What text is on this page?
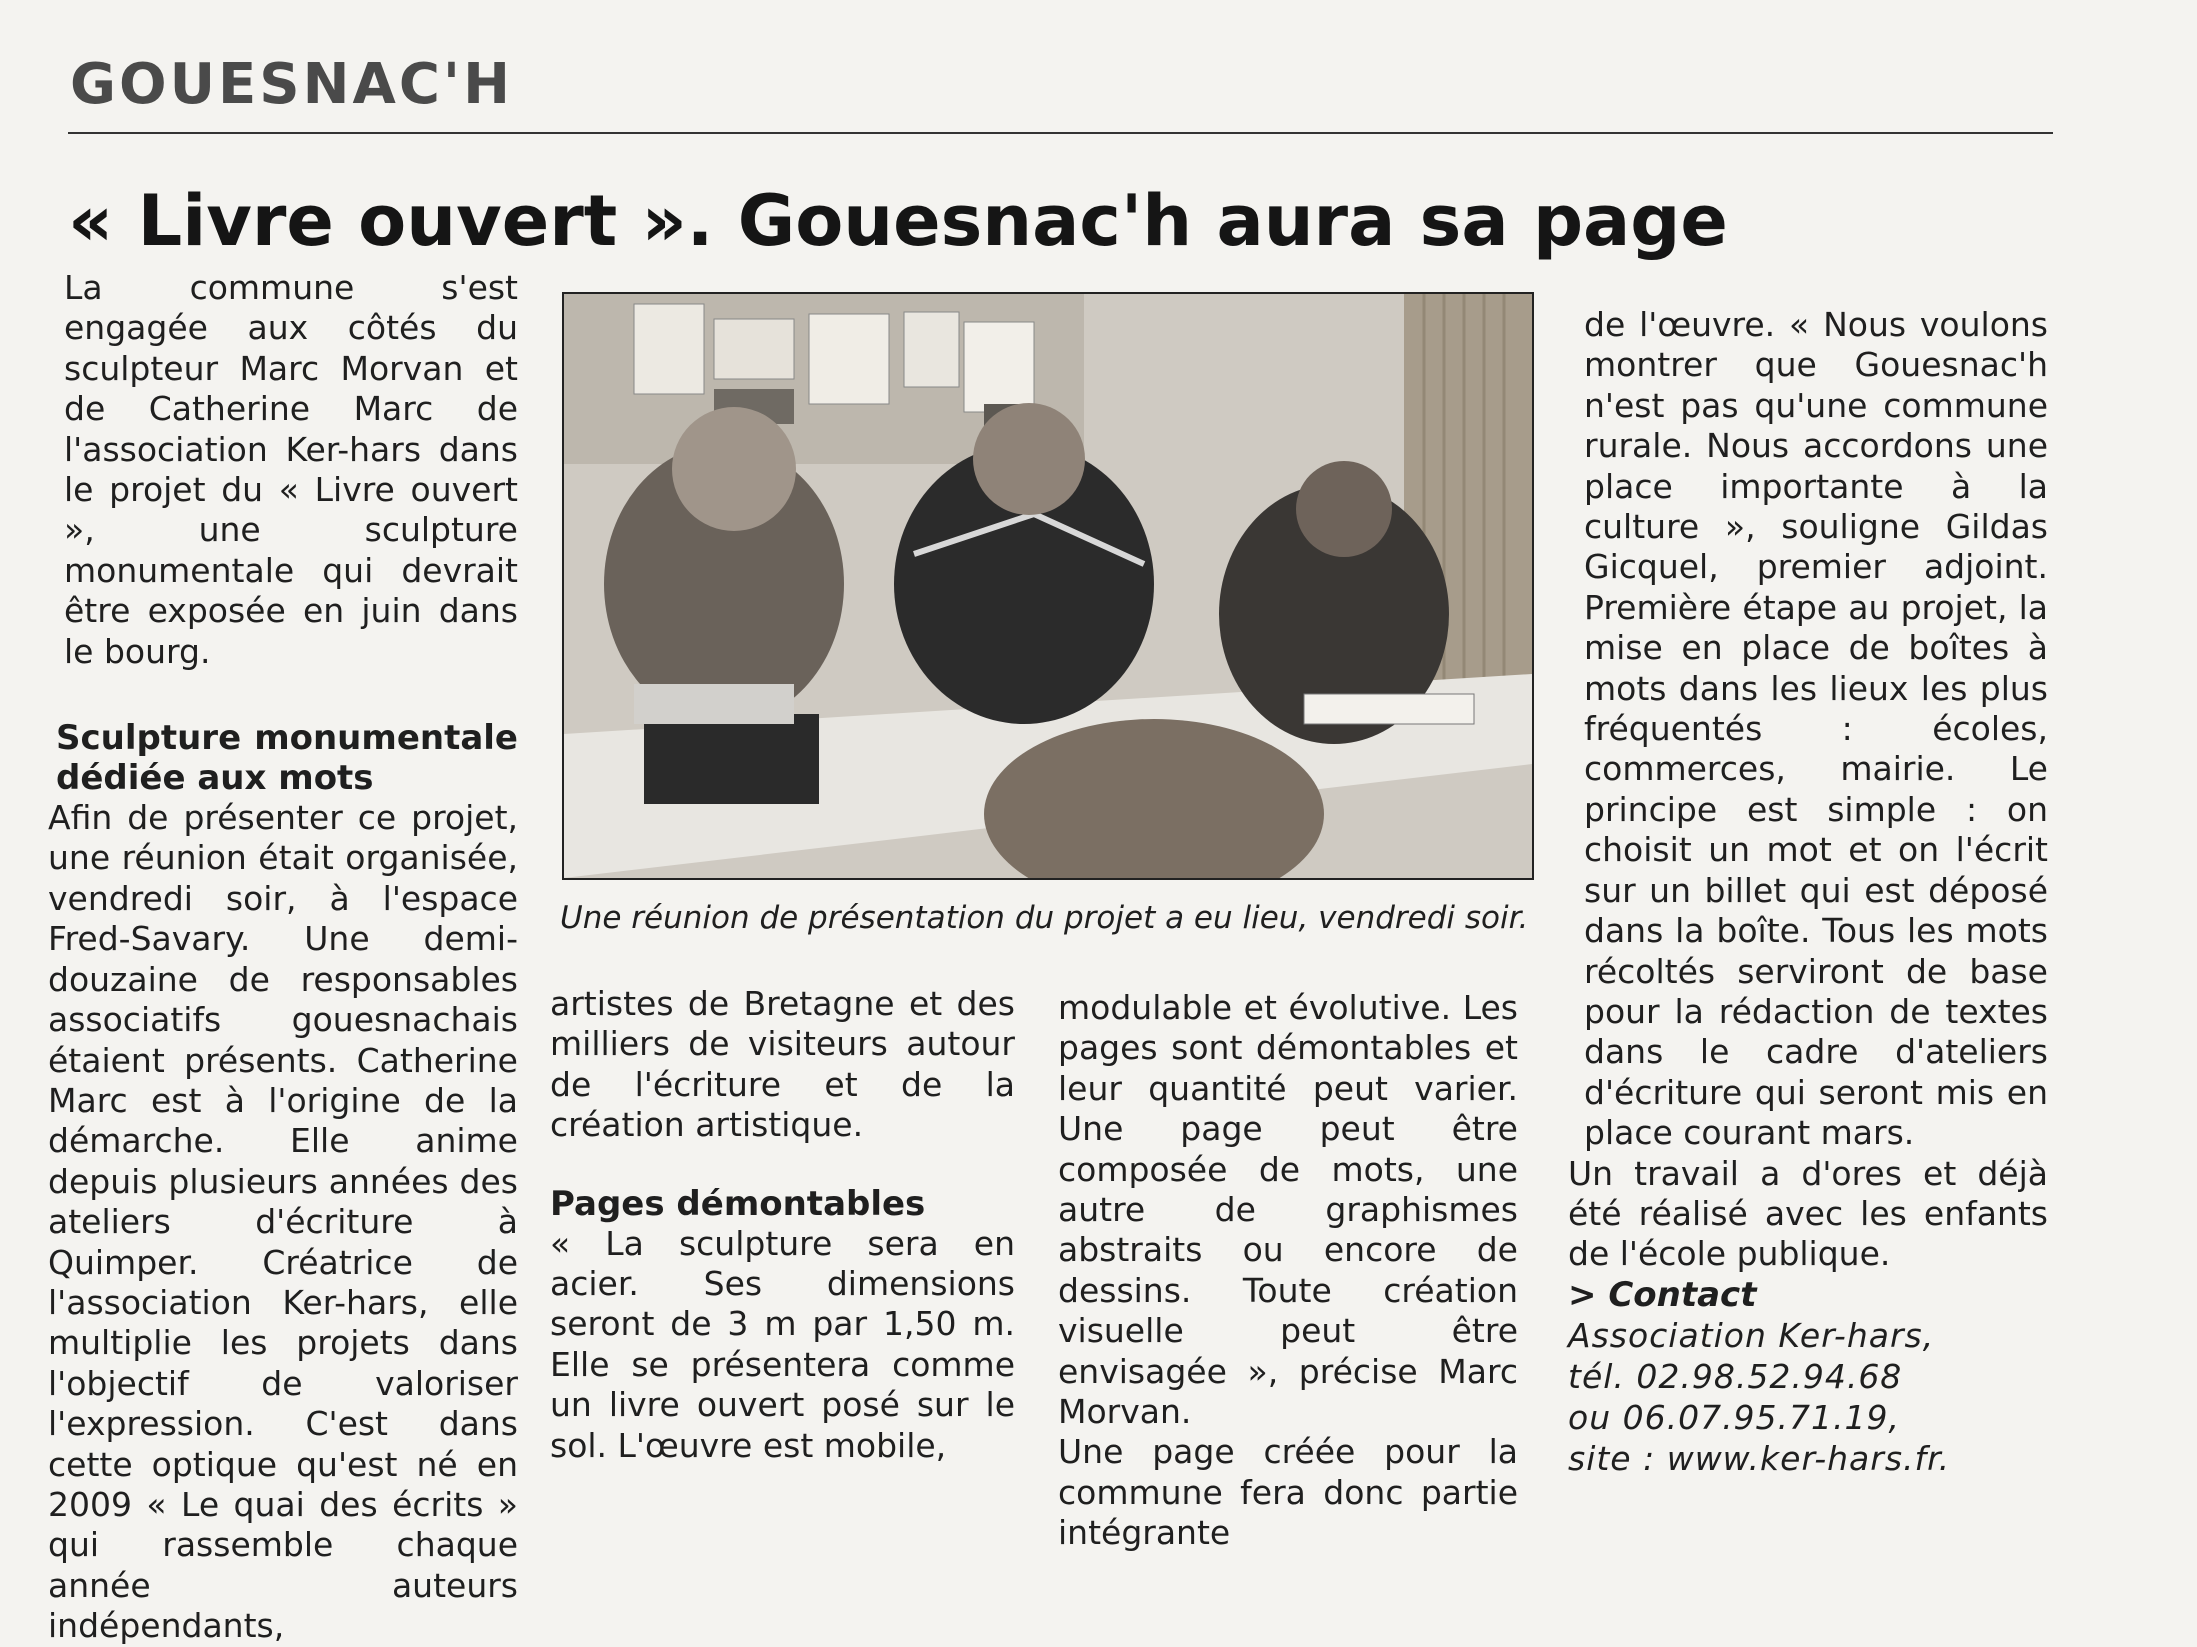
GOUESNAC'H
« Livre ouvert ». Gouesnac'h aura sa page

La commune s'est engagée aux côtés du sculpteur Marc Morvan et de Catherine Marc de l'association Ker-hars dans le projet du « Livre ouvert », une sculpture monumentale qui devrait être exposée en juin dans le bourg.

Sculpture monumentale dédiée aux mots

Afin de présenter ce projet, une réunion était organisée, vendredi soir, à l'espace Fred-Savary. Une demi-douzaine de responsables associatifs gouesnachais étaient présents. Catherine Marc est à l'origine de la démarche. Elle anime depuis plusieurs années des ateliers d'écriture à Quimper. Créatrice de l'association Ker-hars, elle multiplie les projets dans l'objectif de valoriser l'expression. C'est dans cette optique qu'est né en 2009 « Le quai des écrits » qui rassemble chaque année auteurs indépendants,

Une réunion de présentation du projet a eu lieu, vendredi soir.

artistes de Bretagne et des milliers de visiteurs autour de l'écriture et de la création artistique.

Pages démontables

« La sculpture sera en acier. Ses dimensions seront de 3 m par 1,50 m. Elle se présentera comme un livre ouvert posé sur le sol. L'œuvre est mobile,

modulable et évolutive. Les pages sont démontables et leur quantité peut varier. Une page peut être composée de mots, une autre de graphismes abstraits ou encore de dessins. Toute création visuelle peut être envisagée », précise Marc Morvan.

Une page créée pour la commune fera donc partie intégrante

de l'œuvre. « Nous voulons montrer que Gouesnac'h n'est pas qu'une commune rurale. Nous accordons une place importante à la culture », souligne Gildas Gicquel, premier adjoint. Première étape au projet, la mise en place de boîtes à mots dans les lieux les plus fréquentés : écoles, commerces, mairie. Le principe est simple : on choisit un mot et on l'écrit sur un billet qui est déposé dans la boîte. Tous les mots récoltés serviront de base pour la rédaction de textes dans le cadre d'ateliers d'écriture qui seront mis en place courant mars.

Un travail a d'ores et déjà été réalisé avec les enfants de l'école publique.

> Contact

Association Ker-hars,

tél. 02.98.52.94.68

ou 06.07.95.71.19,

site : www.ker-hars.fr.
